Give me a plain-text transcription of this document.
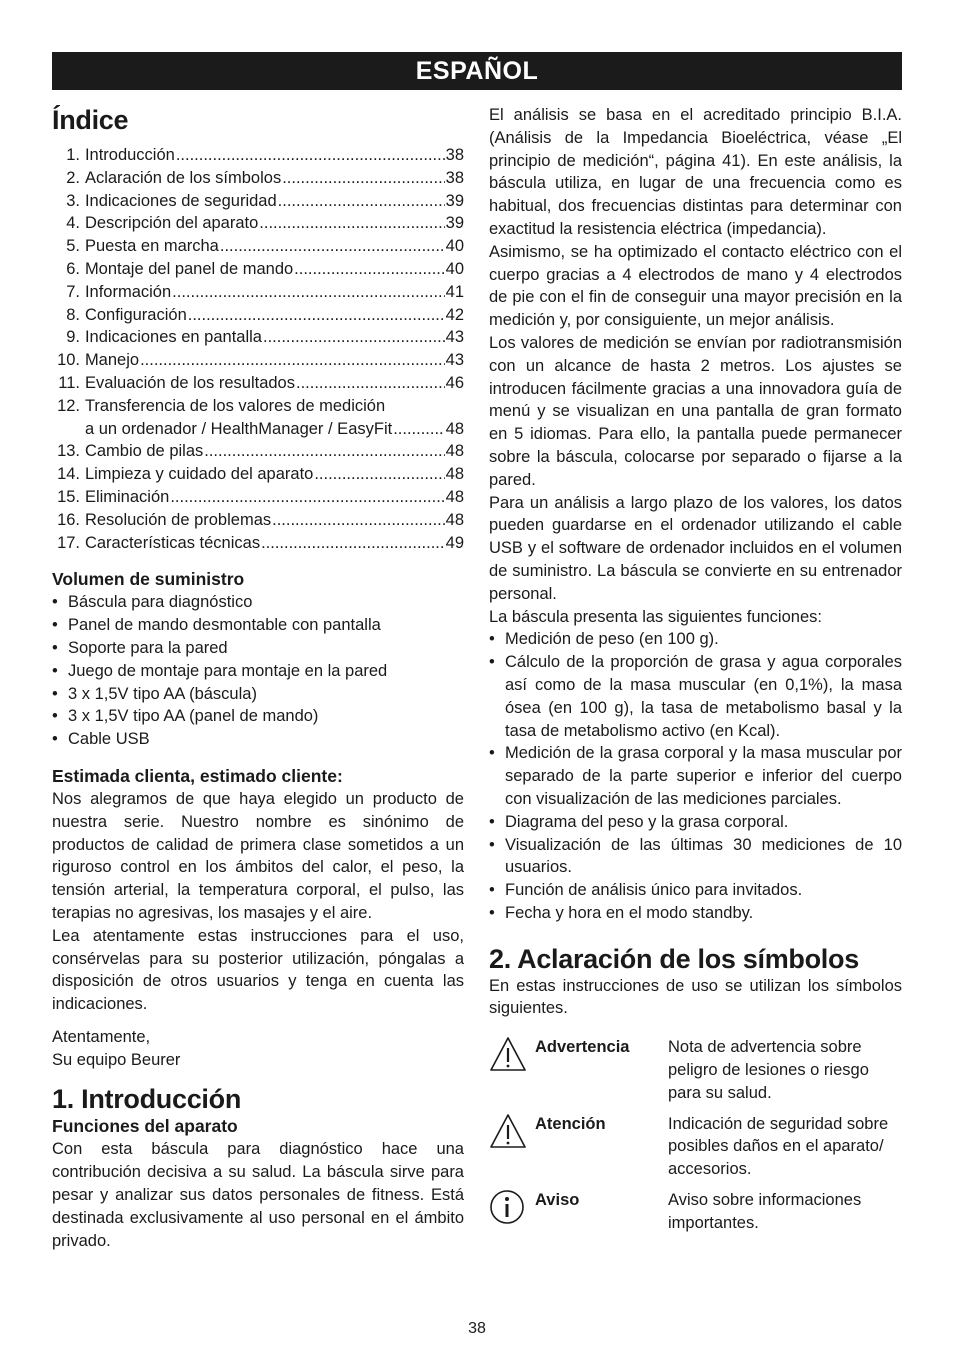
ESPAÑOL
Índice
1. Introducción .....	38
2. Aclaración de los símbolos .....	38
3. Indicaciones de seguridad .....	39
4. Descripción del aparato .....	39
5. Puesta en marcha .....	40
6. Montaje del panel de mando .....	40
7. Información .....	41
8. Configuración .....	42
9. Indicaciones en pantalla .....	43
10. Manejo .....	43
11. Evaluación de los resultados .....	46
12. Transferencia de los valores de medición
a un ordenador / HealthManager / EasyFit .....	48
13. Cambio de pilas .....	48
14. Limpieza y cuidado del aparato .....	48
15. Eliminación .....	48
16. Resolución de problemas .....	48
17. Características técnicas .....	49
Volumen de suministro
• Báscula para diagnóstico
• Panel de mando desmontable con pantalla
• Soporte para la pared
• Juego de montaje para montaje en la pared
• 3 x 1,5V tipo AA (báscula)
• 3 x 1,5V tipo AA (panel de mando)
• Cable USB
Estimada clienta, estimado cliente:

Nos alegramos de que haya elegido un producto de nuestra serie. Nuestro nombre es sinónimo de productos de calidad de primera clase sometidos a un riguroso control en los ámbitos del calor, el peso, la tensión arterial, la temperatura corporal, el pulso, las terapias no agresivas, los masajes y el aire.

Lea atentamente estas instrucciones para el uso, consérvelas para su posterior utilización, póngalas a disposición de otros usuarios y tenga en cuenta las indicaciones.

Atentamente,

Su equipo Beurer

1. Introducción
Funciones del aparato

Con esta báscula para diagnóstico hace una contribución decisiva a su salud. La báscula sirve para pesar y analizar sus datos personales de fitness. Está destinada exclusivamente al uso personal en el ámbito privado.

El análisis se basa en el acreditado principio B.I.A. (Análisis de la Impedancia Bioeléctrica, véase „El principio de medición“, página 41). En este análisis, la báscula utiliza, en lugar de una frecuencia como es habitual, dos frecuencias distintas para determinar con exactitud la resistencia eléctrica (impedancia).

Asimismo, se ha optimizado el contacto eléctrico con el cuerpo gracias a 4 electrodos de mano y 4 electrodos de pie con el fin de conseguir una mayor precisión en la medición y, por consiguiente, un mejor análisis.

Los valores de medición se envían por radiotransmisión con un alcance de hasta 2 metros. Los ajustes se introducen fácilmente gracias a una innovadora guía de menú y se visualizan en una pantalla de gran formato en 5 idiomas. Para ello, la pantalla puede permanecer sobre la báscula, colocarse por separado o fijarse a la pared.

Para un análisis a largo plazo de los valores, los datos pueden guardarse en el ordenador utilizando el cable USB y el software de ordenador incluidos en el volumen de suministro. La báscula se convierte en su entrenador personal.

La báscula presenta las siguientes funciones:

• Medición de peso (en 100 g).
• Cálculo de la proporción de grasa y agua corporales así como de la masa muscular (en 0,1%), la masa ósea (en 100 g), la tasa de metabolismo basal y la tasa de metabolismo activo (en Kcal).
• Medición de la grasa corporal y la masa muscular por separado de la parte superior e inferior del cuerpo con visualización de las mediciones parciales.
• Diagrama del peso y la grasa corporal.
• Visualización de las últimas 30 mediciones de 10 usuarios.
• Función de análisis único para invitados.
• Fecha y hora en el modo standby.
2. Aclaración de los símbolos

En estas instrucciones de uso se utilizan los símbolos siguientes.

Advertencia	Nota de advertencia sobre peligro de lesiones o riesgo para su salud.
Atención	Indicación de seguridad sobre posibles daños en el aparato/ accesorios.
Aviso	Aviso sobre informaciones importantes.
38
